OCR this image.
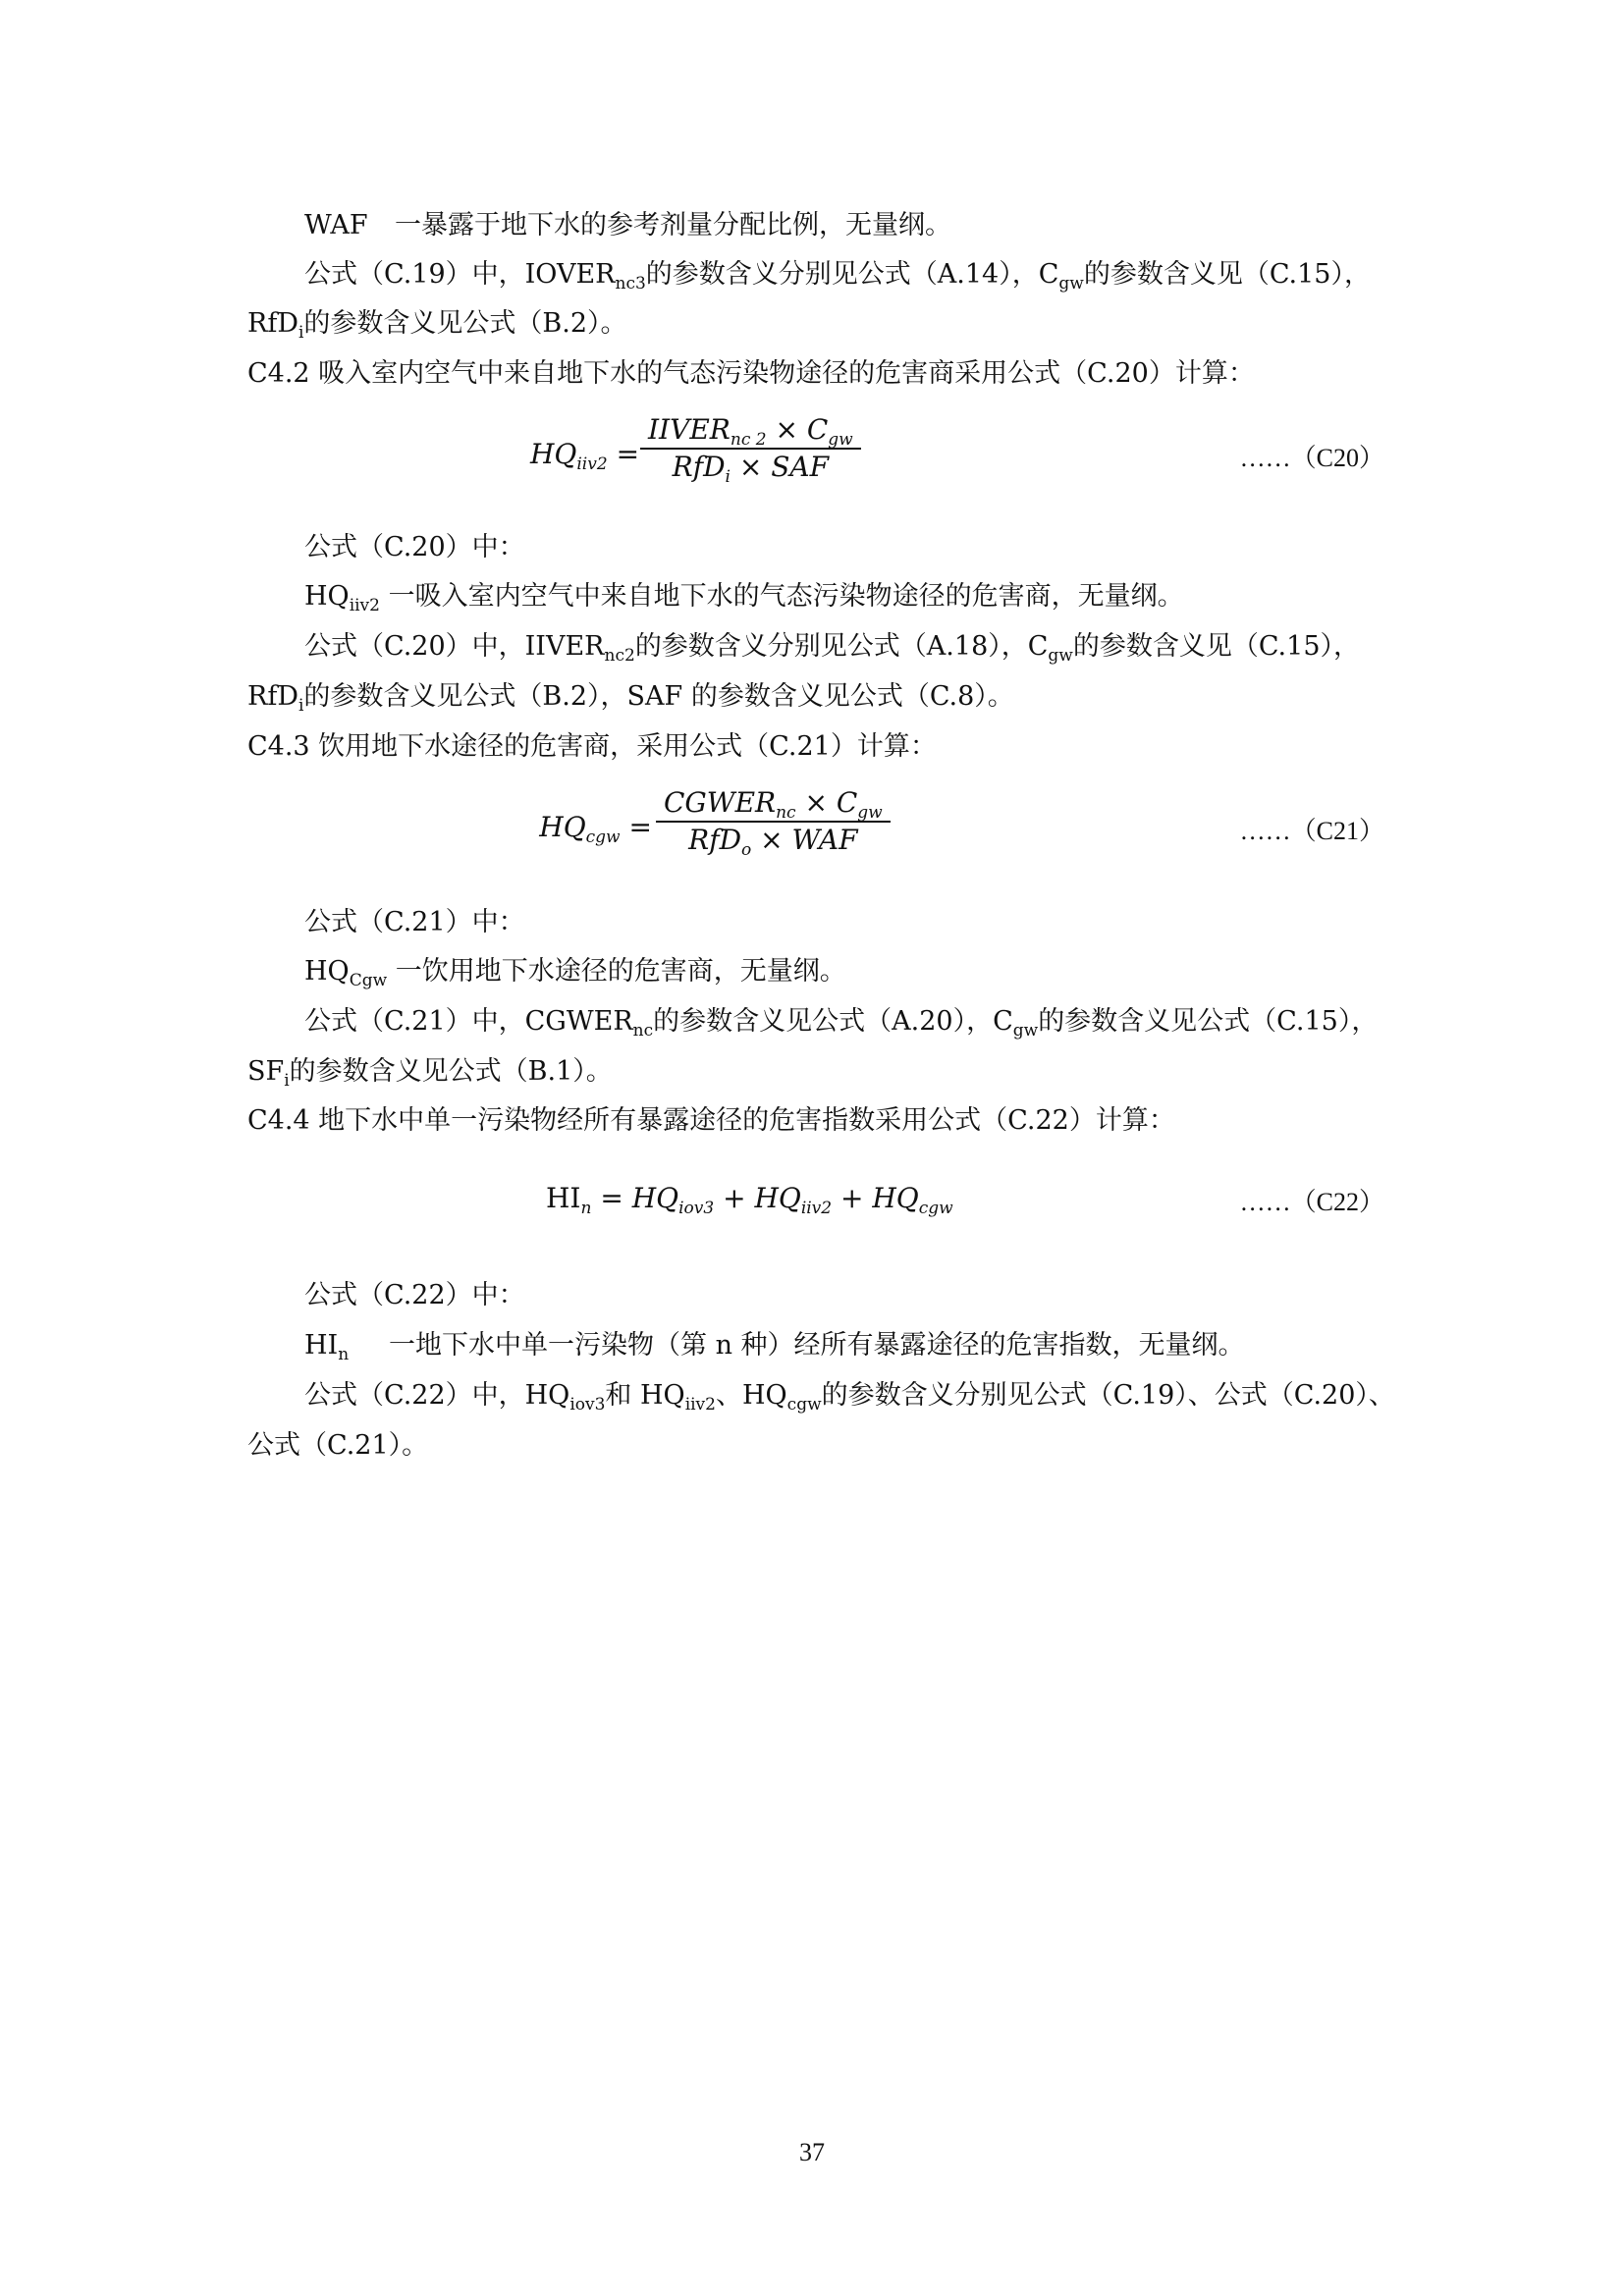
WAF 一暴露于地下水的参考剂量分配比例，无量纲。
公式（C.19）中，$IOVER_{nc3}$的参数含义分别见公式（A.14），$C_{gw}$的参数含义见（C.15），
RfD$_i$的参数含义见公式（B.2）。
C4.2 吸入室内空气中来自地下水的气态污染物途径的危害商采用公式（C.20）计算：
$HQ_{iiv2}$ =
$IIVER_{nc 2} \times C_{gw}$
RfD$_i$ × SAF	……（C20）
公式（C.20）中：
$HQ_{iiv2}$ 一吸入室内空气中来自地下水的气态污染物途径的危害商，无量纲。
公式（C.20）中，$IIVER_{nc2}$的参数含义分别见公式（A.18），$C_{gw}$的参数含义见（C.15），
RfD$_i$的参数含义见公式（B.2），SAF 的参数含义见公式（C.8）。
C4.3 饮用地下水途径的危害商，采用公式（C.21）计算：
$HQ_{cgw}$ =
$CGWER_{nc} \times C_{gw}$
RfD$_o$ × WAF	……（C21）
公式（C.21）中：
$HQ_{Cgw}$ 一饮用地下水途径的危害商，无量纲。
公式（C.21）中，$CGWER_{nc}$的参数含义见公式（A.20），$C_{gw}$的参数含义见公式（C.15），
$SF_i$的参数含义见公式（B.1）。
C4.4 地下水中单一污染物经所有暴露途径的危害指数采用公式（C.22）计算：
$HI_n = HQ_{iov3} + HQ_{iiv2} + HQ_{cgw}$	……（C22）
公式（C.22）中：
$HI_n$ 一地下水中单一污染物（第 n 种）经所有暴露途径的危害指数，无量纲。
公式（C.22）中，$HQ_{iov3}$和 $HQ_{iiv2}$、$HQ_{cgw}$的参数含义分别见公式（C.19）、公式（C.20）、
公式（C.21）。
37
